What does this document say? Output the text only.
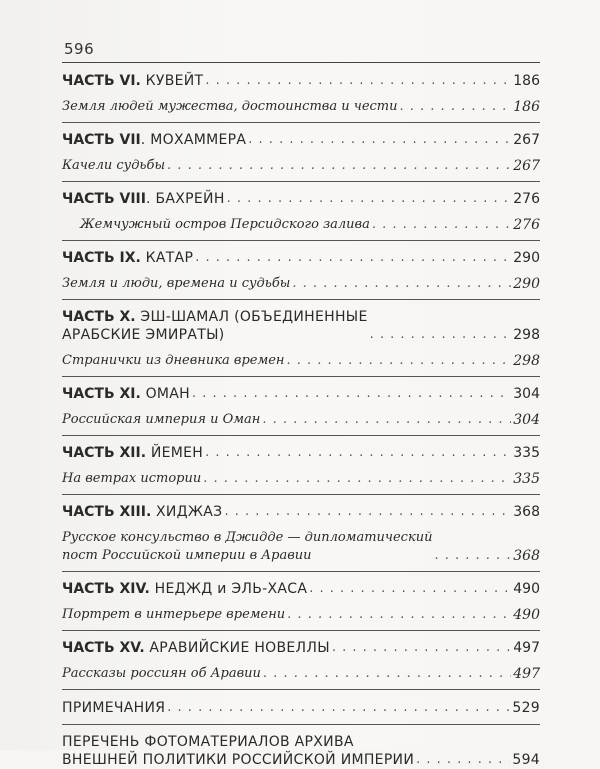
596
ЧАСТЬ VI. КУВЕЙТ . . .	186
Земля людей мужества, достоинства и чести . . .	186
ЧАСТЬ VII. МОХАММЕРА . . .	267
Качели судьбы . . .	267
ЧАСТЬ VIII. БАХРЕЙН . . .	276
Жемчужный остров Персидского залива . . .	276
ЧАСТЬ IX. КАТАР . . .	290
Земля и люди, времена и судьбы . . .	290
ЧАСТЬ X. ЭШ-ШАМАЛ (ОБЪЕДИНЕННЫЕ
АРАБСКИЕ ЭМИРАТЫ) . . .	298
Странички из дневника времен . . .	298
ЧАСТЬ XI. ОМАН . . .	304
Российская империя и Оман . . .	304
ЧАСТЬ XII. ЙЕМЕН . . .	335
На ветрах истории . . .	335
ЧАСТЬ XIII. ХИДЖАЗ . . .	368
Русское консульство в Джидде — дипломатический
пост Российской империи в Аравии . . .	368
ЧАСТЬ XIV. НЕДЖД и ЭЛЬ-ХАСА . . .	490
Портрет в интерьере времени . . .	490
ЧАСТЬ XV. АРАВИЙСКИЕ НОВЕЛЛЫ . . .	497
Рассказы россиян об Аравии . . .	497
ПРИМЕЧАНИЯ . . .	529
ПЕРЕЧЕНЬ ФОТОМАТЕРИАЛОВ АРХИВА
ВНЕШНЕЙ ПОЛИТИКИ РОССИЙСКОЙ ИМПЕРИИ . . .	594
